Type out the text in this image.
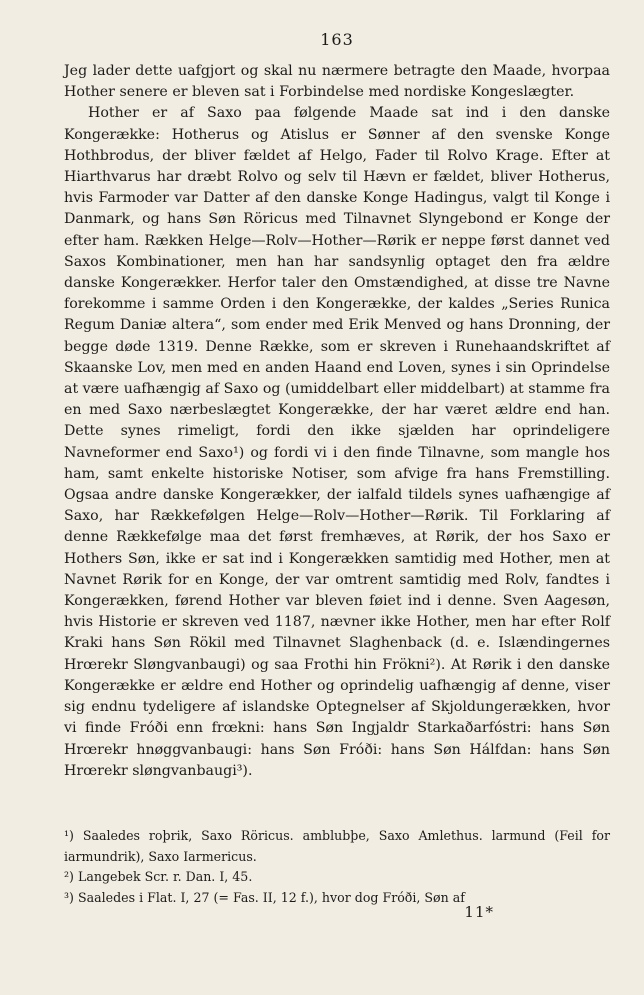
163

Jeg lader dette uafgjort og skal nu nærmere betragte den Maade, hvorpaa Hother senere er bleven sat i Forbindelse med nordiske Kongeslægter.

Hother er af Saxo paa følgende Maade sat ind i den danske Kongerække: Hotherus og Atislus er Sønner af den svenske Konge Hothbrodus, der bliver fældet af Helgo, Fader til Rolvo Krage. Efter at Hiarthvarus har dræbt Rolvo og selv til Hævn er fældet, bliver Hotherus, hvis Farmoder var Datter af den danske Konge Hadingus, valgt til Konge i Danmark, og hans Søn Röricus med Tilnavnet Slyngebond er Konge der efter ham. Rækken Helge—Rolv—Hother—Rørik er neppe først dannet ved Saxos Kombinationer, men han har sandsynlig optaget den fra ældre danske Kongerækker. Herfor taler den Omstændighed, at disse tre Navne forekomme i samme Orden i den Kongerække, der kaldes „Series Runica Regum Daniæ altera“, som ender med Erik Menved og hans Dronning, der begge døde 1319. Denne Række, som er skreven i Runehaandskriftet af Skaanske Lov, men med en anden Haand end Loven, synes i sin Oprindelse at være uafhængig af Saxo og (umiddelbart eller middelbart) at stamme fra en med Saxo nærbeslægtet Kongerække, der har været ældre end han. Dette synes rimeligt, fordi den ikke sjælden har oprindeligere Navneformer end Saxo¹) og fordi vi i den finde Tilnavne, som mangle hos ham, samt enkelte historiske Notiser, som afvige fra hans Fremstilling. Ogsaa andre danske Kongerækker, der ialfald tildels synes uafhængige af Saxo, har Rækkefølgen Helge—Rolv—Hother—Rørik. Til Forklaring af denne Rækkefølge maa det først fremhæves, at Rørik, der hos Saxo er Hothers Søn, ikke er sat ind i Kongerækken samtidig med Hother, men at Navnet Rørik for en Konge, der var omtrent samtidig med Rolv, fandtes i Kongerækken, førend Hother var bleven føiet ind i denne. Sven Aagesøn, hvis Historie er skreven ved 1187, nævner ikke Hother, men har efter Rolf Kraki hans Søn Rökil med Tilnavnet Slaghenback (d. e. Islændingernes Hrœrekr Sløngvanbaugi) og saa Frothi hin Frökni²). At Rørik i den danske Kongerække er ældre end Hother og oprindelig uafhængig af denne, viser sig endnu tydeligere af islandske Optegnelser af Skjoldungerækken, hvor vi finde Fróði enn frœkni: hans Søn Ingjaldr Starkaðarfóstri: hans Søn Hrœrekr hnøggvanbaugi: hans Søn Fróði: hans Søn Hálfdan: hans Søn Hrœrekr sløngvanbaugi³).

¹) Saaledes roþrik, Saxo Röricus. amblubþe, Saxo Amlethus. larmund (Feil for iarmundrik), Saxo Iarmericus.

²) Langebek Scr. r. Dan. I, 45.

³) Saaledes i Flat. I, 27 (= Fas. II, 12 f.), hvor dog Fróði, Søn af

11*
